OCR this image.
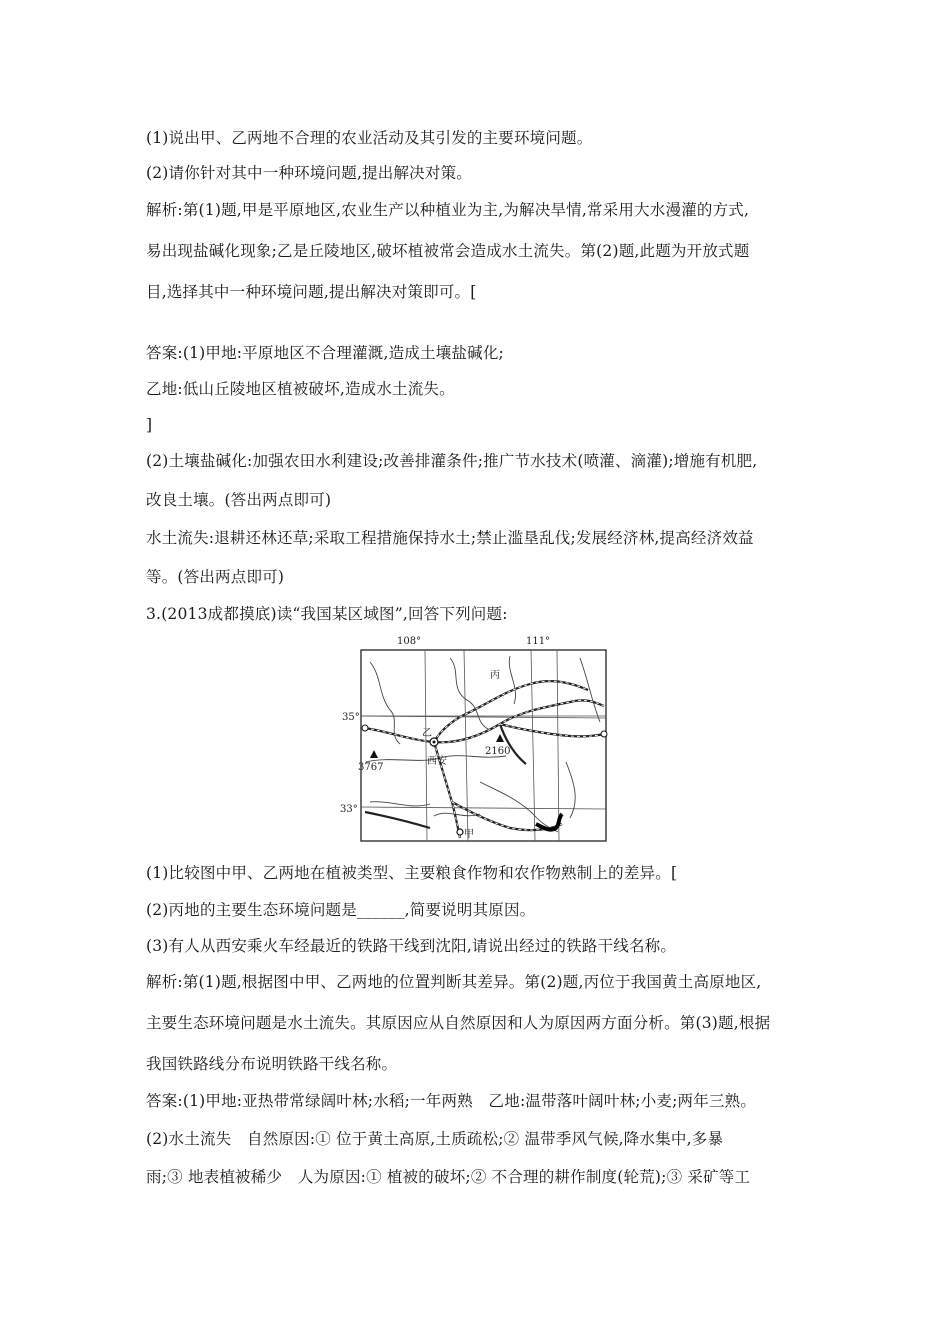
(1)说出甲、乙两地不合理的农业活动及其引发的主要环境问题。
(2)请你针对其中一种环境问题,提出解决对策。
解析:第(1)题,甲是平原地区,农业生产以种植业为主,为解决旱情,常采用大水漫灌的方式,
易出现盐碱化现象;乙是丘陵地区,破坏植被常会造成水土流失。第(2)题,此题为开放式题
目,选择其中一种环境问题,提出解决对策即可。[
答案:(1)甲地:平原地区不合理灌溉,造成土壤盐碱化;
乙地:低山丘陵地区植被破坏,造成水土流失。
]
(2)土壤盐碱化:加强农田水利建设;改善排灌条件;推广节水技术(喷灌、滴灌);增施有机肥,
改良土壤。(答出两点即可)
水土流失:退耕还林还草;采取工程措施保持水土;禁止滥垦乱伐;发展经济林,提高经济效益
等。(答出两点即可)
3.(2013成都摸底)读“我国某区域图”,回答下列问题:
108°	111°
35°
33°
丙
乙
西安
甲
3767
2160
(1)比较图中甲、乙两地在植被类型、主要粮食作物和农作物熟制上的差异。[
(2)丙地的主要生态环境问题是______,简要说明其原因。
(3)有人从西安乘火车经最近的铁路干线到沈阳,请说出经过的铁路干线名称。
解析:第(1)题,根据图中甲、乙两地的位置判断其差异。第(2)题,丙位于我国黄土高原地区,
主要生态环境问题是水土流失。其原因应从自然原因和人为原因两方面分析。第(3)题,根据
我国铁路线分布说明铁路干线名称。
答案:(1)甲地:亚热带常绿阔叶林;水稻;一年两熟　乙地:温带落叶阔叶林;小麦;两年三熟。
(2)水土流失　自然原因:① 位于黄土高原,土质疏松;② 温带季风气候,降水集中,多暴
雨;③ 地表植被稀少　人为原因:① 植被的破坏;② 不合理的耕作制度(轮荒);③ 采矿等工
